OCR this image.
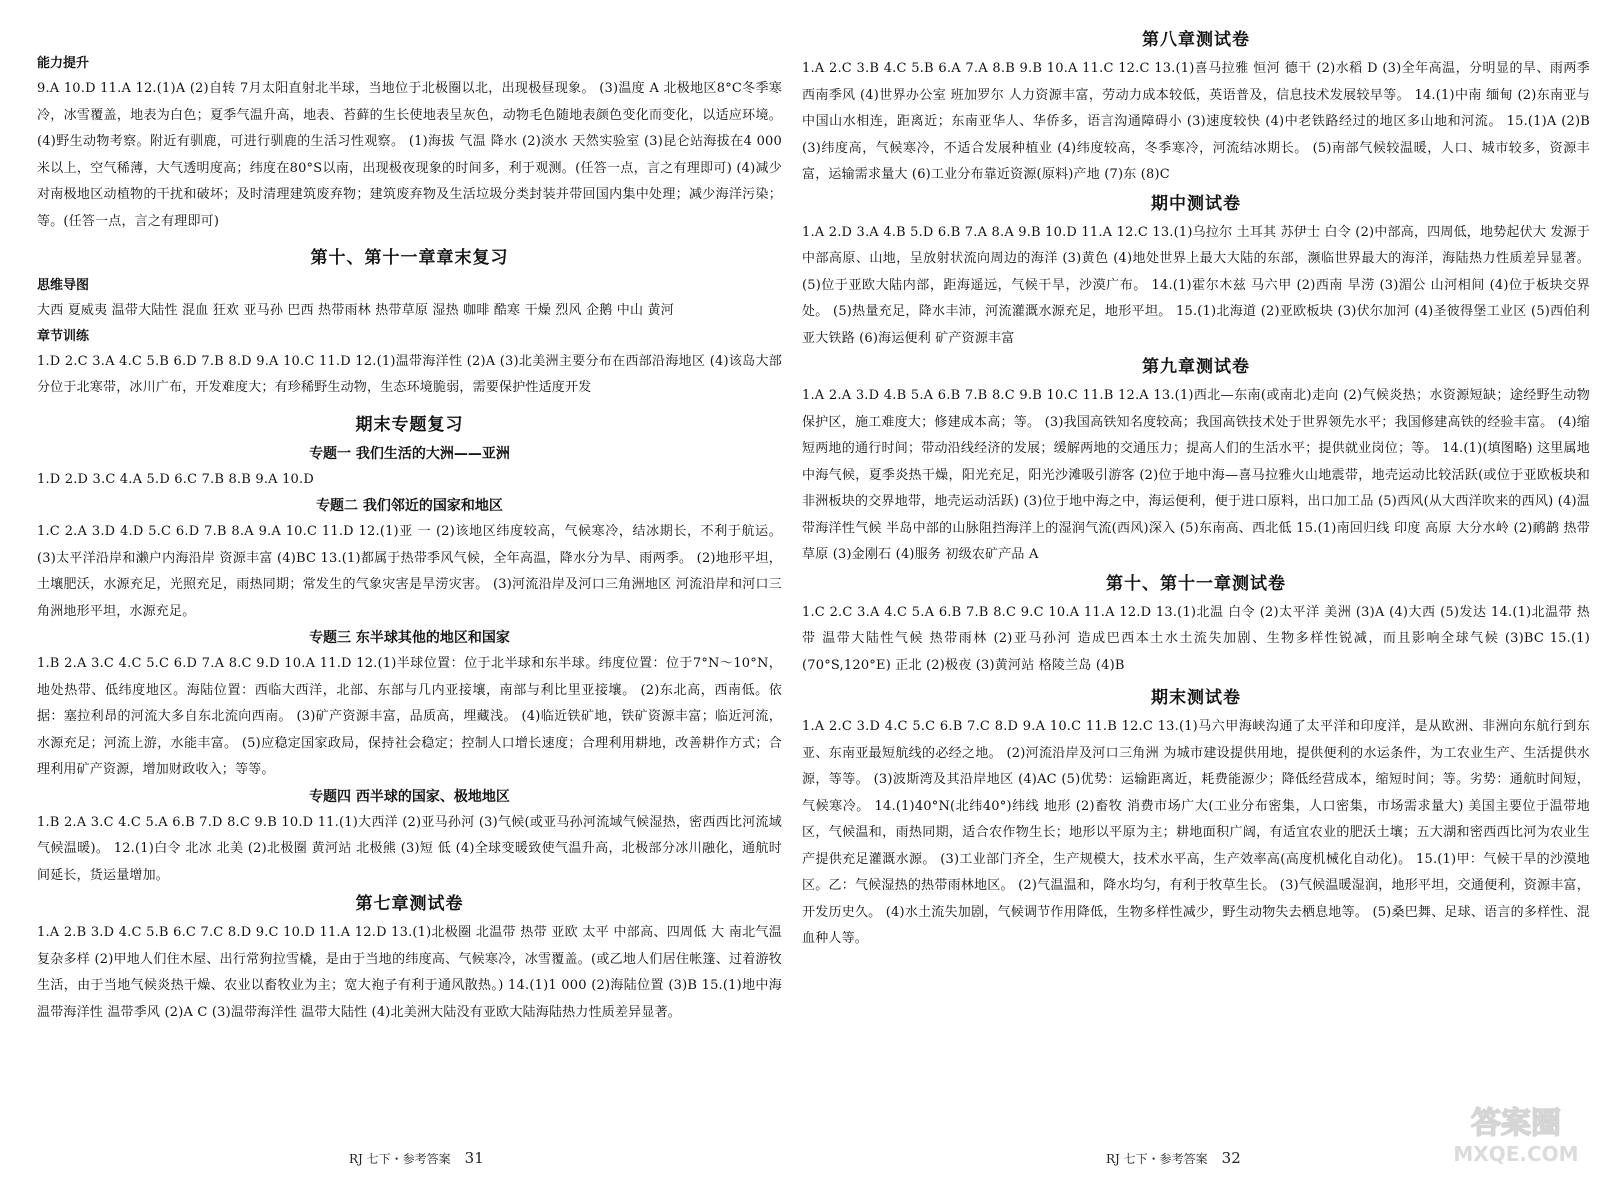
能力提升
9.A 10.D 11.A 12.(1)A (2)自转 7月太阳直射北半球，当地位于北极圈以北，出现极昼现象。 (3)温度 A 北极地区8°C冬季寒冷，冰雪覆盖，地表为白色；夏季气温升高，地表、苔藓的生长使地表呈灰色，动物毛色随地表颜色变化而变化，以适应环境。 (4)野生动物考察。附近有驯鹿，可进行驯鹿的生活习性观察。 (1)海拔 气温 降水 (2)淡水 天然实验室 (3)昆仑站海拔在4 000米以上，空气稀薄，大气透明度高；纬度在80°S以南，出现极夜现象的时间多，利于观测。(任答一点，言之有理即可) (4)减少对南极地区动植物的干扰和破坏；及时清理建筑废弃物；建筑废弃物及生活垃圾分类封装并带回国内集中处理；减少海洋污染；等。(任答一点，言之有理即可)
第十、第十一章章末复习
思维导图
大西 夏威夷 温带大陆性 混血 狂欢 亚马孙 巴西 热带雨林 热带草原 湿热 咖啡 酷寒 干燥 烈风 企鹅 中山 黄河
章节训练
1.D 2.C 3.A 4.C 5.B 6.D 7.B 8.D 9.A 10.C 11.D 12.(1)温带海洋性 (2)A (3)北美洲主要分布在西部沿海地区 (4)该岛大部分位于北寒带，冰川广布，开发难度大；有珍稀野生动物，生态环境脆弱，需要保护性适度开发
期末专题复习
专题一 我们生活的大洲——亚洲
1.D 2.D 3.C 4.A 5.D 6.C 7.B 8.B 9.A 10.D
专题二 我们邻近的国家和地区
1.C 2.A 3.D 4.D 5.C 6.D 7.B 8.A 9.A 10.C 11.D 12.(1)亚 一 (2)该地区纬度较高，气候寒冷，结冰期长，不利于航运。 (3)太平洋沿岸和濑户内海沿岸 资源丰富 (4)BC 13.(1)都属于热带季风气候，全年高温，降水分为旱、雨两季。 (2)地形平坦，土壤肥沃，水源充足，光照充足，雨热同期；常发生的气象灾害是旱涝灾害。 (3)河流沿岸及河口三角洲地区 河流沿岸和河口三角洲地形平坦，水源充足。
专题三 东半球其他的地区和国家
1.B 2.A 3.C 4.C 5.C 6.D 7.A 8.C 9.D 10.A 11.D 12.(1)半球位置：位于北半球和东半球。纬度位置：位于7°N～10°N，地处热带、低纬度地区。海陆位置：西临大西洋，北部、东部与几内亚接壤，南部与利比里亚接壤。 (2)东北高，西南低。依据：塞拉利昂的河流大多自东北流向西南。 (3)矿产资源丰富，品质高，埋藏浅。 (4)临近铁矿地，铁矿资源丰富；临近河流，水源充足；河流上游，水能丰富。 (5)应稳定国家政局，保持社会稳定；控制人口增长速度；合理利用耕地，改善耕作方式；合理利用矿产资源，增加财政收入；等等。
专题四 西半球的国家、极地地区
1.B 2.A 3.C 4.C 5.A 6.B 7.D 8.C 9.B 10.D 11.(1)大西洋 (2)亚马孙河 (3)气候(或亚马孙河流域气候湿热，密西西比河流域气候温暖)。 12.(1)白令 北冰 北美 (2)北极圈 黄河站 北极熊 (3)短 低 (4)全球变暖致使气温升高，北极部分冰川融化，通航时间延长，货运量增加。
第七章测试卷
1.A 2.B 3.D 4.C 5.B 6.C 7.C 8.D 9.C 10.D 11.A 12.D 13.(1)北极圈 北温带 热带 亚欧 太平 中部高、四周低 大 南北气温 复杂多样 (2)甲地人们住木屋、出行常狗拉雪橇，是由于当地的纬度高、气候寒冷，冰雪覆盖。(或乙地人们居住帐篷、过着游牧生活，由于当地气候炎热干燥、农业以畜牧业为主；宽大袍子有利于通风散热。) 14.(1)1 000 (2)海陆位置 (3)B 15.(1)地中海 温带海洋性 温带季风 (2)A C (3)温带海洋性 温带大陆性 (4)北美洲大陆没有亚欧大陆海陆热力性质差异显著。
RJ 七下・参考答案 31
第八章测试卷
1.A 2.C 3.B 4.C 5.B 6.A 7.A 8.B 9.B 10.A 11.C 12.C 13.(1)喜马拉雅 恒河 德干 (2)水稻 D (3)全年高温，分明显的旱、雨两季 西南季风 (4)世界办公室 班加罗尔 人力资源丰富，劳动力成本较低，英语普及，信息技术发展较早等。 14.(1)中南 缅甸 (2)东南亚与中国山水相连，距离近；东南亚华人、华侨多，语言沟通障碍小 (3)速度较快 (4)中老铁路经过的地区多山地和河流。 15.(1)A (2)B (3)纬度高，气候寒冷，不适合发展种植业 (4)纬度较高，冬季寒冷，河流结冰期长。 (5)南部气候较温暖，人口、城市较多，资源丰富，运输需求量大 (6)工业分布靠近资源(原料)产地 (7)东 (8)C
期中测试卷
1.A 2.D 3.A 4.B 5.D 6.B 7.A 8.A 9.B 10.D 11.A 12.C 13.(1)乌拉尔 土耳其 苏伊士 白令 (2)中部高，四周低，地势起伏大 发源于中部高原、山地，呈放射状流向周边的海洋 (3)黄色 (4)地处世界上最大大陆的东部，濒临世界最大的海洋，海陆热力性质差异显著。 (5)位于亚欧大陆内部，距海遥远，气候干旱，沙漠广布。 14.(1)霍尔木兹 马六甲 (2)西南 旱涝 (3)湄公 山河相间 (4)位于板块交界处。 (5)热量充足，降水丰沛，河流灌溉水源充足，地形平坦。 15.(1)北海道 (2)亚欧板块 (3)伏尔加河 (4)圣彼得堡工业区 (5)西伯利亚大铁路 (6)海运便利 矿产资源丰富
第九章测试卷
1.A 2.A 3.D 4.B 5.A 6.B 7.B 8.C 9.B 10.C 11.B 12.A 13.(1)西北—东南(或南北)走向 (2)气候炎热；水资源短缺；途经野生动物保护区，施工难度大；修建成本高；等。 (3)我国高铁知名度较高；我国高铁技术处于世界领先水平；我国修建高铁的经验丰富。 (4)缩短两地的通行时间；带动沿线经济的发展；缓解两地的交通压力；提高人们的生活水平；提供就业岗位；等。 14.(1)(填图略) 这里属地中海气候，夏季炎热干燥，阳光充足，阳光沙滩吸引游客 (2)位于地中海—喜马拉雅火山地震带，地壳运动比较活跃(或位于亚欧板块和非洲板块的交界地带，地壳运动活跃) (3)位于地中海之中，海运便利，便于进口原料，出口加工品 (5)西风(从大西洋吹来的西风) (4)温带海洋性气候 半岛中部的山脉阻挡海洋上的湿润气流(西风)深入 (5)东南高、西北低 15.(1)南回归线 印度 高原 大分水岭 (2)鸸鹋 热带草原 (3)金刚石 (4)服务 初级农矿产品 A
第十、第十一章测试卷
1.C 2.C 3.A 4.C 5.A 6.B 7.B 8.C 9.C 10.A 11.A 12.D 13.(1)北温 白令 (2)太平洋 美洲 (3)A (4)大西 (5)发达 14.(1)北温带 热带 温带大陆性气候 热带雨林 (2)亚马孙河 造成巴西本土水土流失加剧、生物多样性锐减，而且影响全球气候 (3)BC 15.(1)(70°S,120°E) 正北 (2)极夜 (3)黄河站 格陵兰岛 (4)B
期末测试卷
1.A 2.C 3.D 4.C 5.C 6.B 7.C 8.D 9.A 10.C 11.B 12.C 13.(1)马六甲海峡沟通了太平洋和印度洋，是从欧洲、非洲向东航行到东亚、东南亚最短航线的必经之地。 (2)河流沿岸及河口三角洲 为城市建设提供用地，提供便利的水运条件，为工农业生产、生活提供水源，等等。 (3)波斯湾及其沿岸地区 (4)AC (5)优势：运输距离近，耗费能源少；降低经营成本，缩短时间；等。劣势：通航时间短，气候寒冷。 14.(1)40°N(北纬40°)纬线 地形 (2)畜牧 消费市场广大(工业分布密集，人口密集，市场需求量大) 美国主要位于温带地区，气候温和，雨热同期，适合农作物生长；地形以平原为主；耕地面积广阔，有适宜农业的肥沃土壤；五大湖和密西西比河为农业生产提供充足灌溉水源。 (3)工业部门齐全，生产规模大，技术水平高，生产效率高(高度机械化自动化)。 15.(1)甲：气候干旱的沙漠地区。乙：气候湿热的热带雨林地区。 (2)气温温和，降水均匀，有利于牧草生长。 (3)气候温暖湿润，地形平坦，交通便利，资源丰富，开发历史久。 (4)水土流失加剧，气候调节作用降低，生物多样性减少，野生动物失去栖息地等。 (5)桑巴舞、足球、语言的多样性、混血种人等。
RJ 七下・参考答案 32
答案圈
MXQE.COM
